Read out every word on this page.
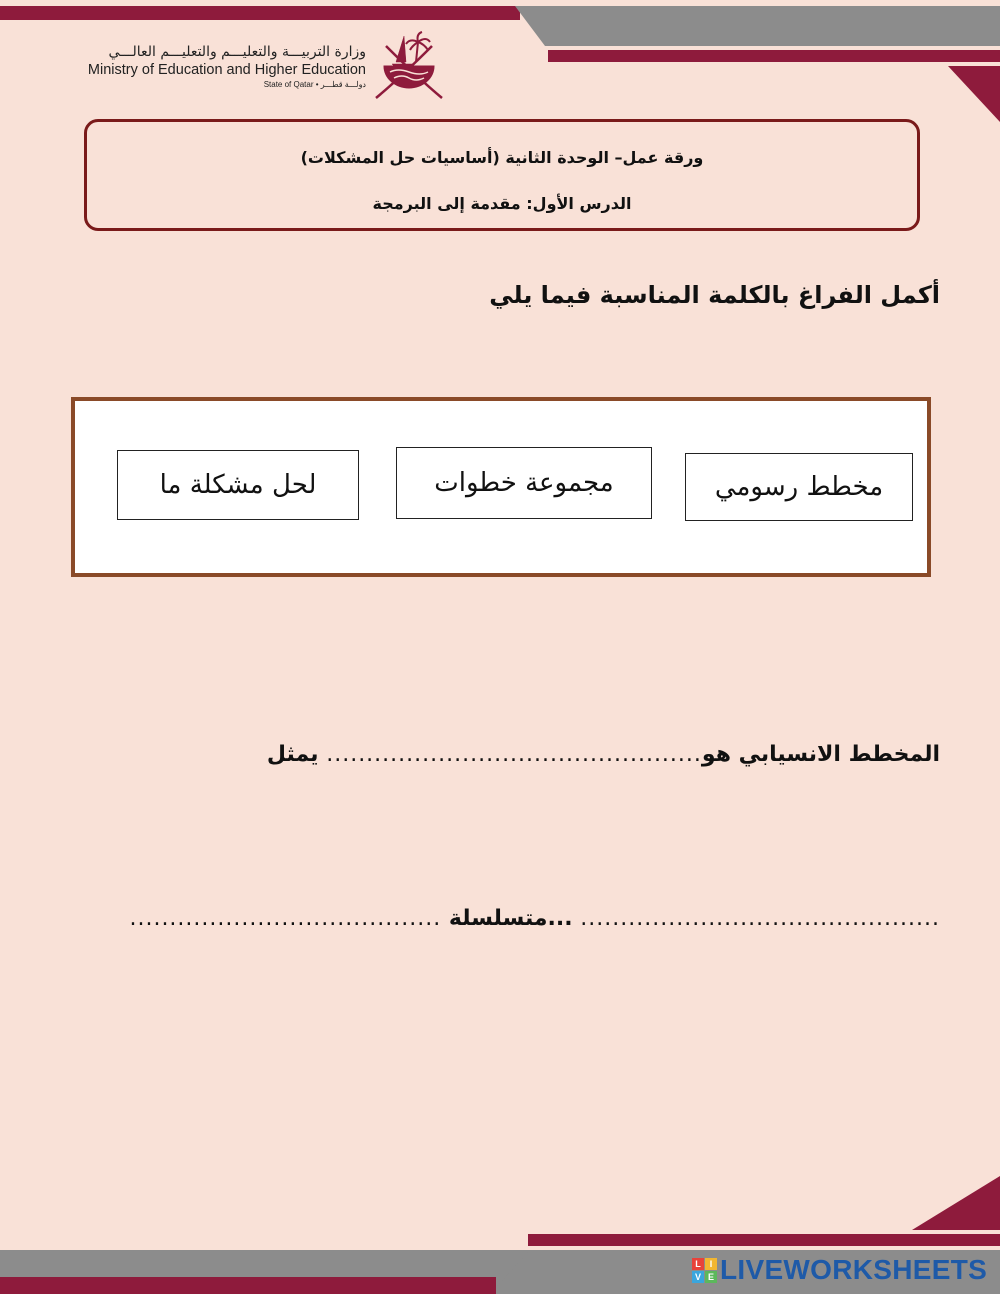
وزارة التربيـــة والتعليـــم والتعليـــم العالـــي
Ministry of Education and Higher Education
State of Qatar • دولـــة قطـــر
ورقة عمل– الوحدة الثانية (أساسيات حل المشكلات)
الدرس الأول: مقدمة إلى البرمجة
أكمل الفراغ بالكلمة المناسبة فيما يلي
مخطط رسومي
مجموعة خطوات
لحل مشكلة ما
المخطط الانسيابي هو............................................... يمثل
............................................. ...متسلسلة .......................................
L I
V E LIVEWORKSHEETS
